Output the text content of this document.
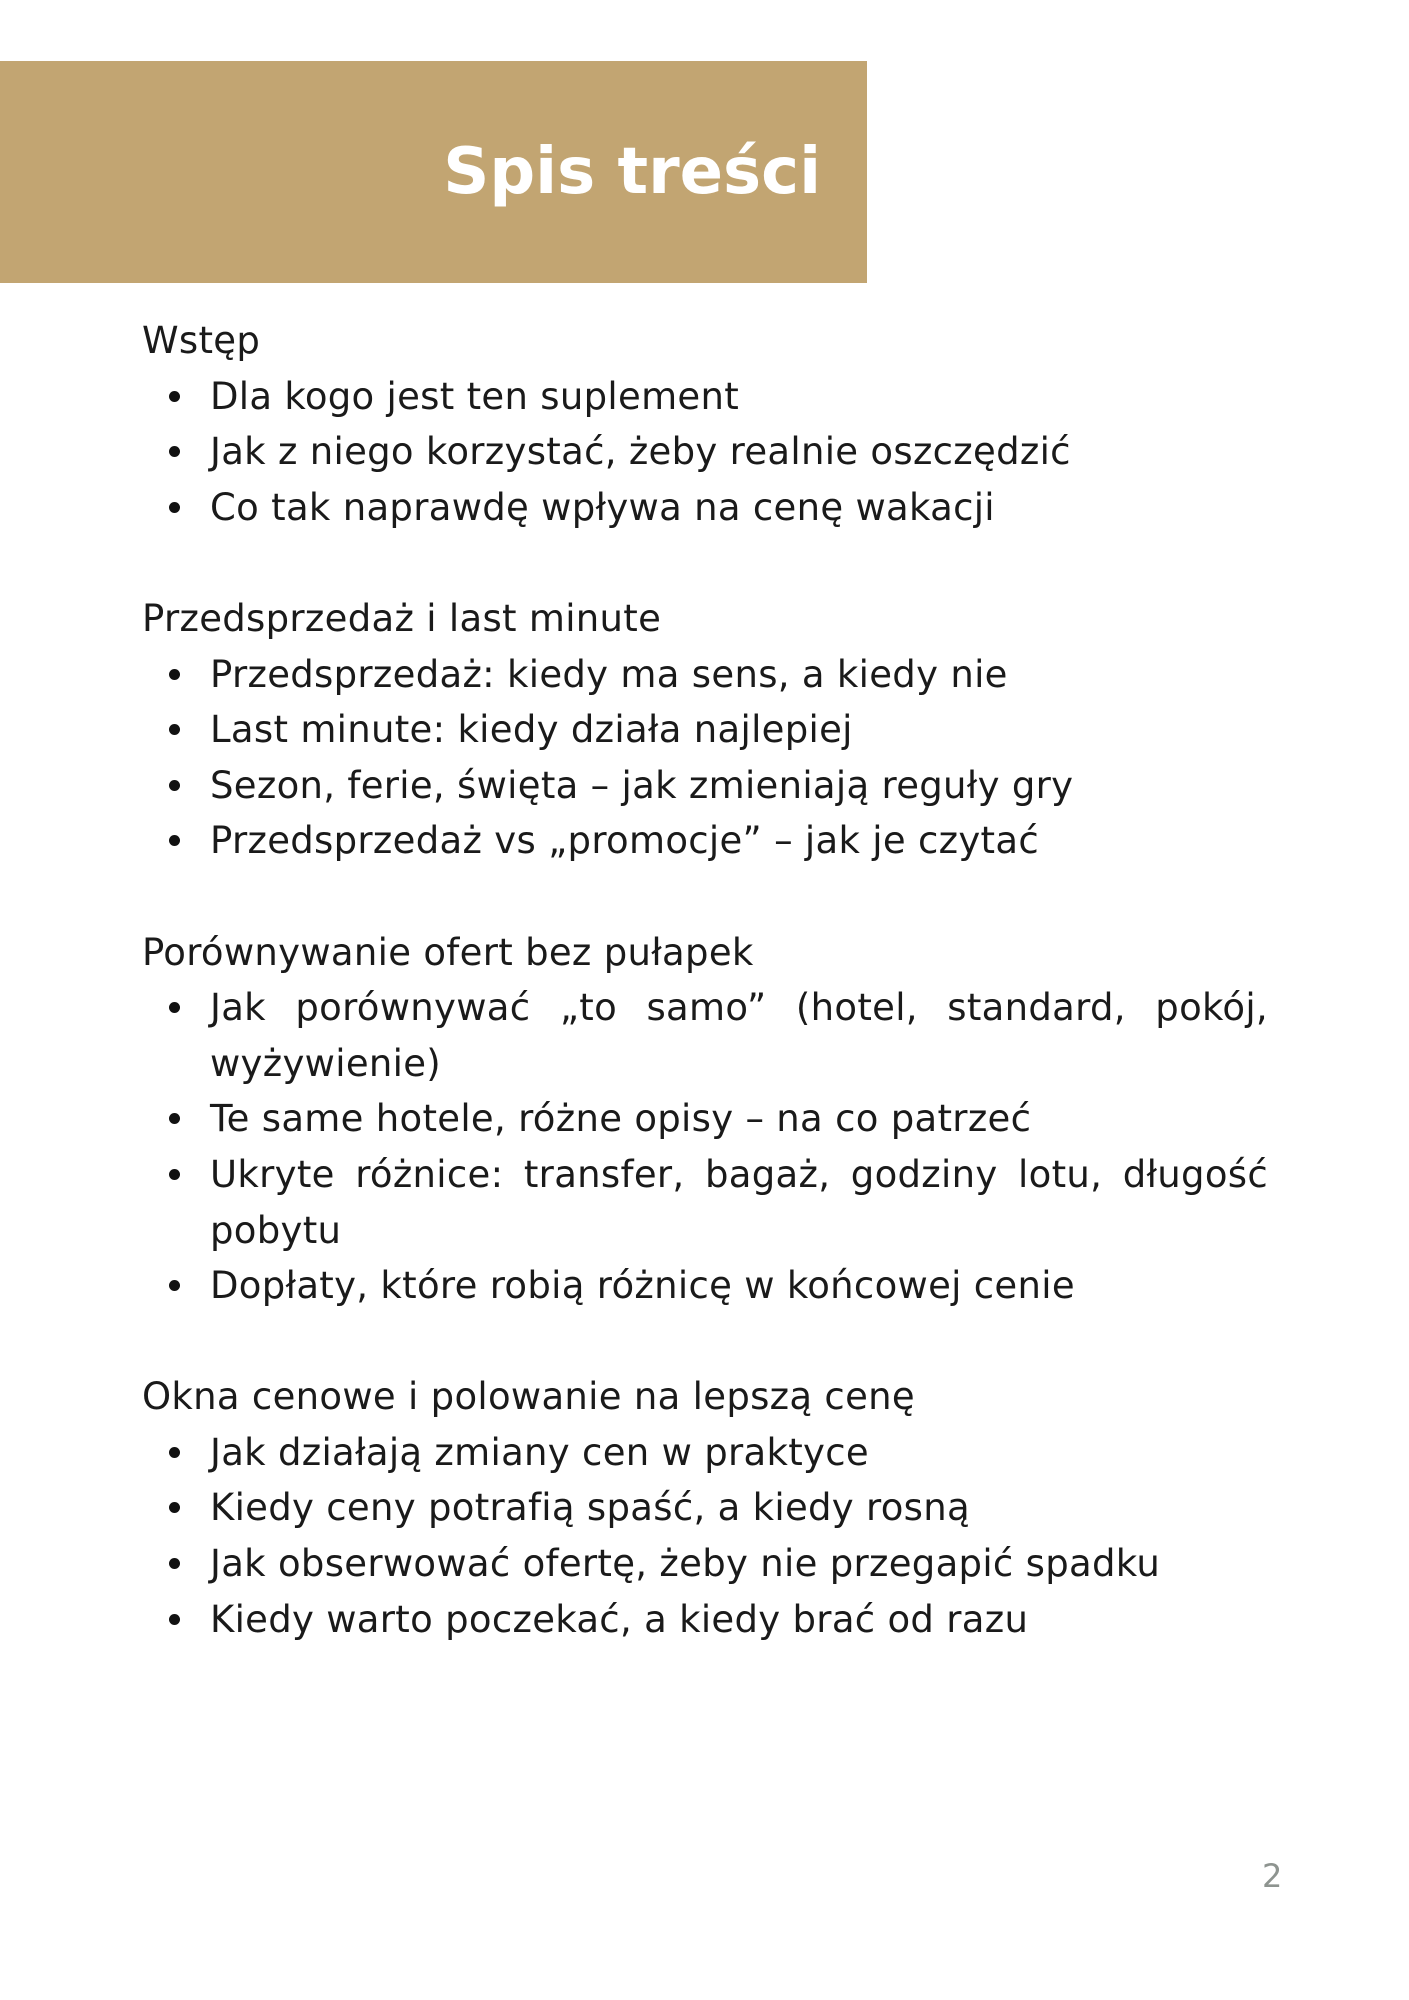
Spis treści
Wstęp
Dla kogo jest ten suplement
Jak z niego korzystać, żeby realnie oszczędzić
Co tak naprawdę wpływa na cenę wakacji
Przedsprzedaż i last minute
Przedsprzedaż: kiedy ma sens, a kiedy nie
Last minute: kiedy działa najlepiej
Sezon, ferie, święta – jak zmieniają reguły gry
Przedsprzedaż vs „promocje” – jak je czytać
Porównywanie ofert bez pułapek
Jak porównywać „to samo” (hotel, standard, pokój, wyżywienie)
Te same hotele, różne opisy – na co patrzeć
Ukryte różnice: transfer, bagaż, godziny lotu, długość pobytu
Dopłaty, które robią różnicę w końcowej cenie
Okna cenowe i polowanie na lepszą cenę
Jak działają zmiany cen w praktyce
Kiedy ceny potrafią spaść, a kiedy rosną
Jak obserwować ofertę, żeby nie przegapić spadku
Kiedy warto poczekać, a kiedy brać od razu
2
